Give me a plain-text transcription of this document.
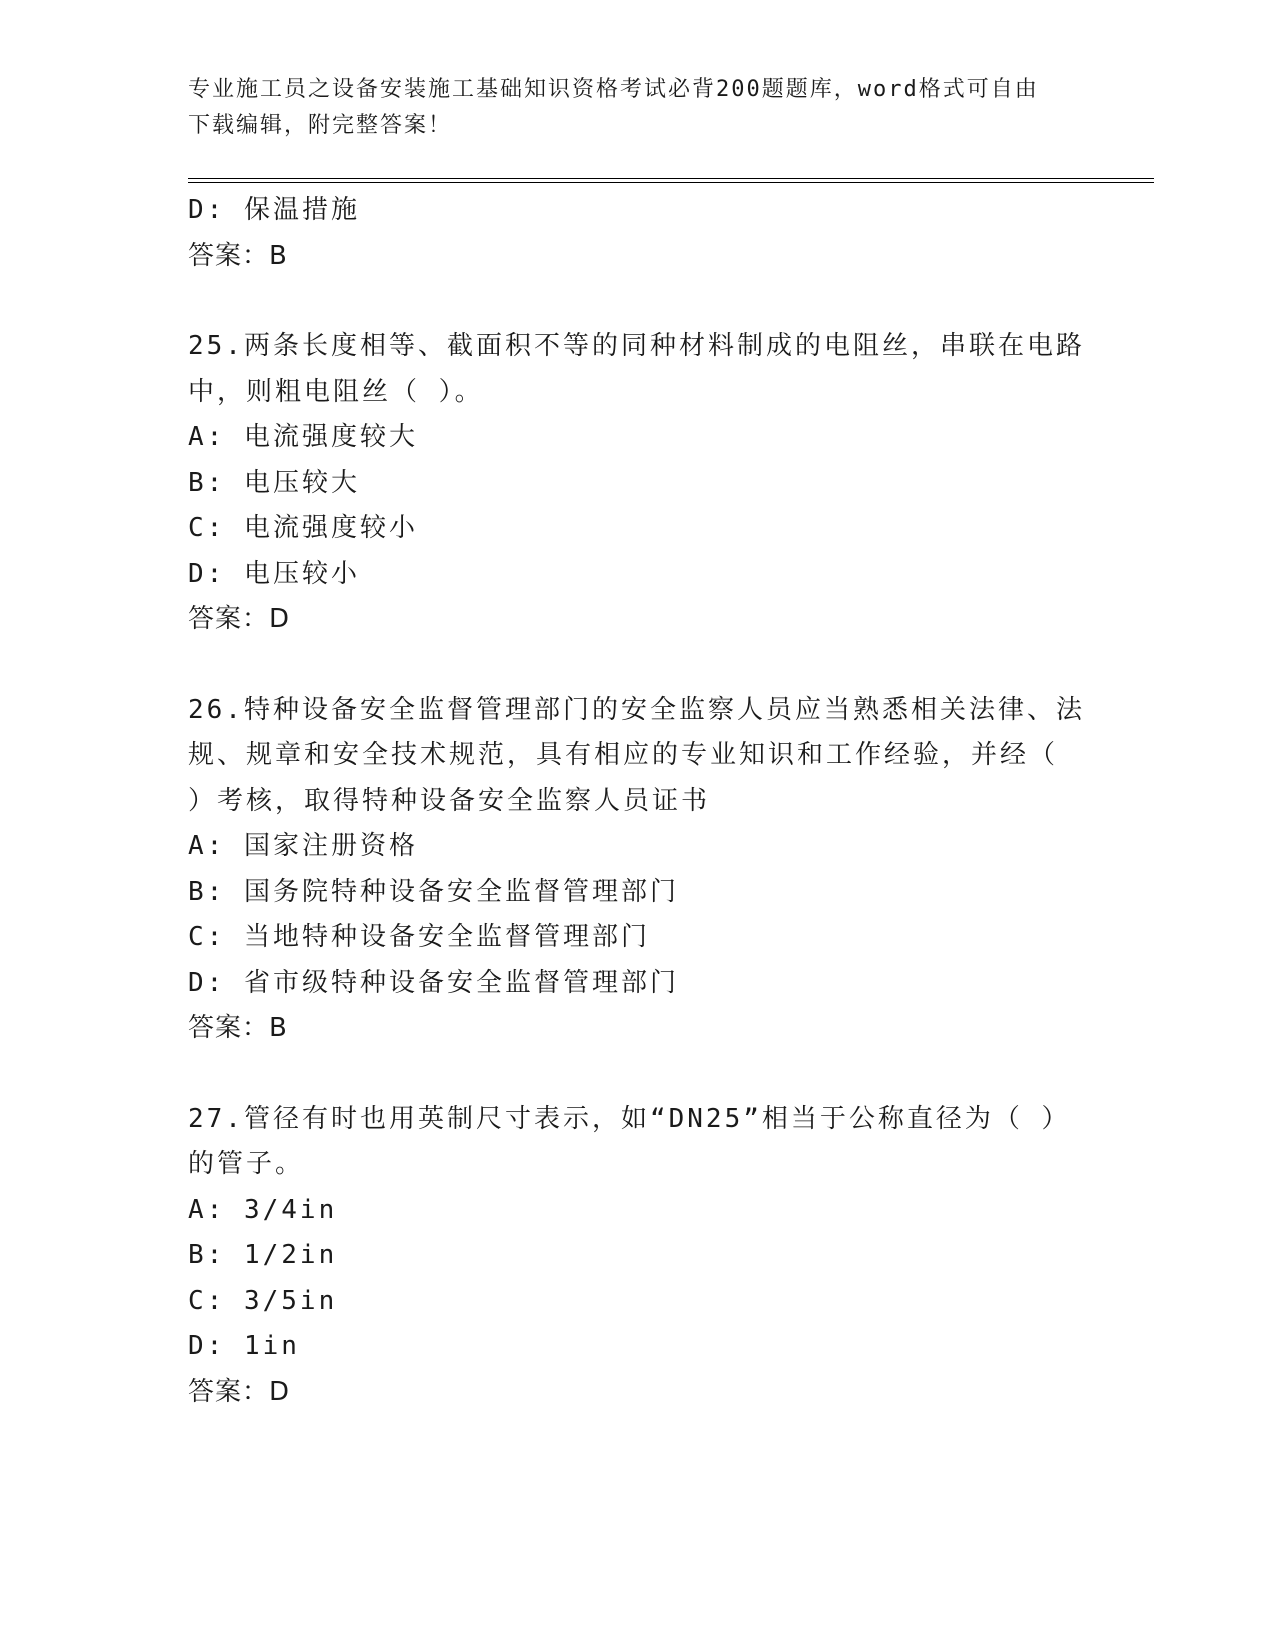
专业施工员之设备安装施工基础知识资格考试必背200题题库，word格式可自由
下载编辑，附完整答案！
D: 保温措施
答案：B
25.两条长度相等、截面积不等的同种材料制成的电阻丝，串联在电路
中，则粗电阻丝（ ）。
A: 电流强度较大
B: 电压较大
C: 电流强度较小
D: 电压较小
答案：D
26.特种设备安全监督管理部门的安全监察人员应当熟悉相关法律、法
规、规章和安全技术规范，具有相应的专业知识和工作经验，并经（
）考核，取得特种设备安全监察人员证书
A: 国家注册资格
B: 国务院特种设备安全监督管理部门
C: 当地特种设备安全监督管理部门
D: 省市级特种设备安全监督管理部门
答案：B
27.管径有时也用英制尺寸表示，如“DN25”相当于公称直径为（ ）
的管子。
A: 3/4in
B: 1/2in
C: 3/5in
D: 1in
答案：D
